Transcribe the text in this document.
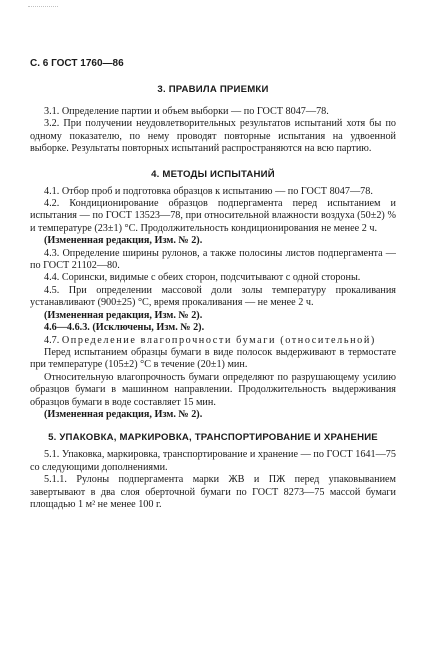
С. 6 ГОСТ 1760—86
3. ПРАВИЛА ПРИЕМКИ

3.1. Определение партии и объем выборки — по ГОСТ 8047—78.

3.2. При получении неудовлетворительных результатов испытаний хотя бы по одному показателю, по нему проводят повторные испытания на удвоенной выборке. Результаты повторных испытаний распространяются на всю партию.

4. МЕТОДЫ ИСПЫТАНИЙ

4.1. Отбор проб и подготовка образцов к испытанию — по ГОСТ 8047—78.

4.2. Кондиционирование образцов подпергамента перед испытанием и испытания — по ГОСТ 13523—78, при относительной влажности воздуха (50±2) % и температуре (23±1) °С. Продолжительность кондиционирования не менее 2 ч.

(Измененная редакция, Изм. № 2).

4.3. Определение ширины рулонов, а также полосины листов подпергамента — по ГОСТ 21102—80.

4.4. Сорински, видимые с обеих сторон, подсчитывают с одной стороны.

4.5. При определении массовой доли золы температуру прокаливания устанавливают (900±25) °С, время прокаливания — не менее 2 ч.

(Измененная редакция, Изм. № 2).

4.6—4.6.3. (Исключены, Изм. № 2).

4.7. Определение влагопрочности бумаги (относительной)

Перед испытанием образцы бумаги в виде полосок выдерживают в термостате при температуре (105±2) °С в течение (20±1) мин.

Относительную влагопрочность бумаги определяют по разрушающему усилию образцов бумаги в машинном направлении. Продолжительность выдерживания образцов бумаги в воде составляет 15 мин.

(Измененная редакция, Изм. № 2).

5. УПАКОВКА, МАРКИРОВКА, ТРАНСПОРТИРОВАНИЕ И ХРАНЕНИЕ

5.1. Упаковка, маркировка, транспортирование и хранение — по ГОСТ 1641—75 со следующими дополнениями.

5.1.1. Рулоны подпергамента марки ЖВ и ПЖ перед упаковыванием завертывают в два слоя оберточной бумаги по ГОСТ 8273—75 массой бумаги площадью 1 м² не менее 100 г.
